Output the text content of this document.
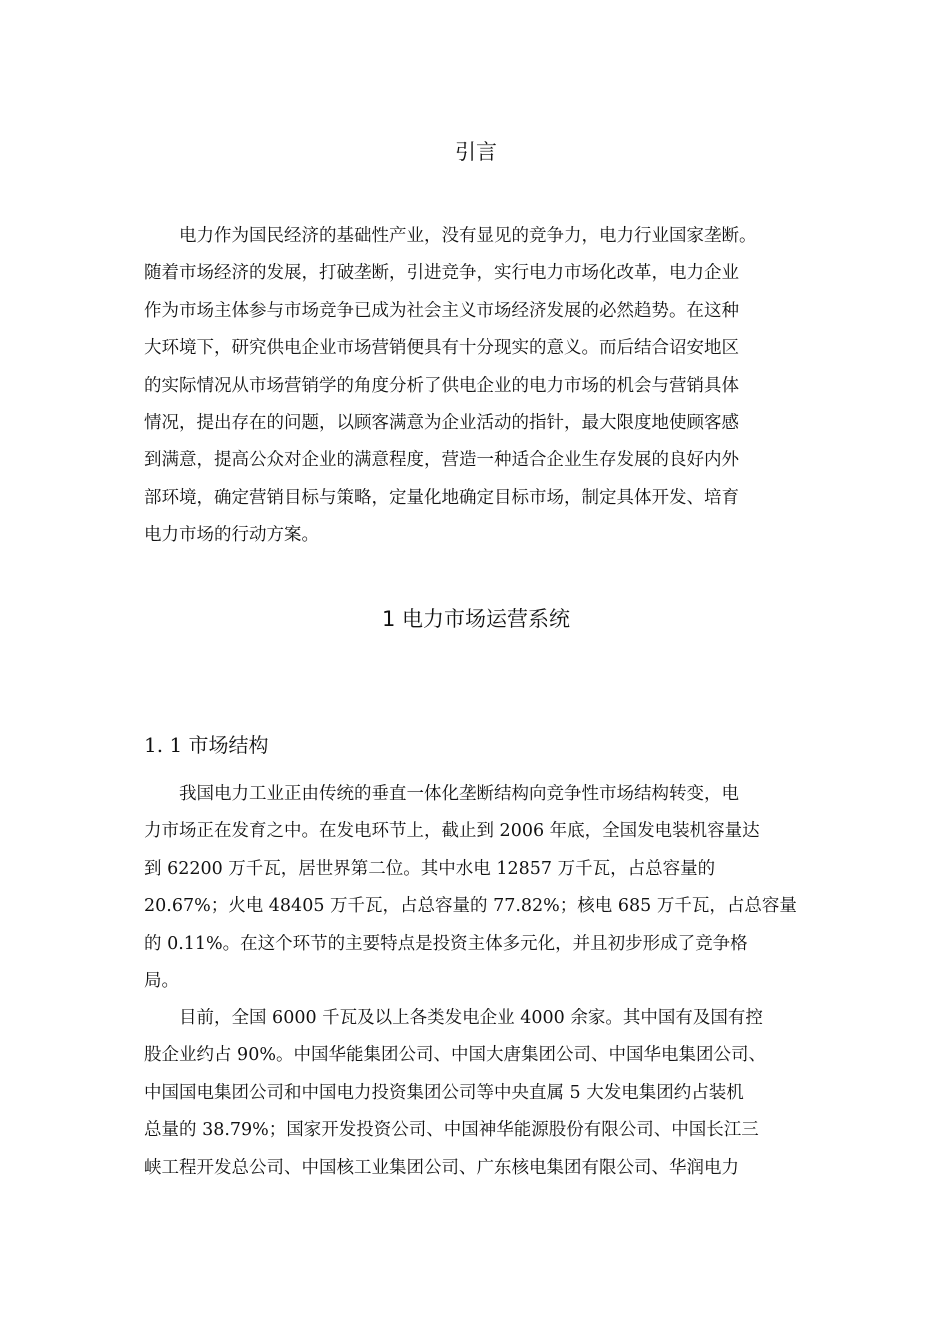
引言
电力作为国民经济的基础性产业，没有显见的竞争力，电力行业国家垄断。
随着市场经济的发展，打破垄断，引进竞争，实行电力市场化改革，电力企业
作为市场主体参与市场竞争已成为社会主义市场经济发展的必然趋势。在这种
大环境下，研究供电企业市场营销便具有十分现实的意义。而后结合诏安地区
的实际情况从市场营销学的角度分析了供电企业的电力市场的机会与营销具体
情况，提出存在的问题，以顾客满意为企业活动的指针，最大限度地使顾客感
到满意，提高公众对企业的满意程度，营造一种适合企业生存发展的良好内外
部环境，确定营销目标与策略，定量化地确定目标市场，制定具体开发、培育
电力市场的行动方案。
1 电力市场运营系统
1. 1 市场结构
我国电力工业正由传统的垂直一体化垄断结构向竞争性市场结构转变，电
力市场正在发育之中。在发电环节上，截止到 2006 年底，全国发电装机容量达
到 62200 万千瓦，居世界第二位。其中水电 12857 万千瓦，占总容量的
20.67%；火电 48405 万千瓦，占总容量的 77.82%；核电 685 万千瓦，占总容量
的 0.11%。在这个环节的主要特点是投资主体多元化，并且初步形成了竞争格
局。
目前，全国 6000 千瓦及以上各类发电企业 4000 余家。其中国有及国有控
股企业约占 90%。中国华能集团公司、中国大唐集团公司、中国华电集团公司、
中国国电集团公司和中国电力投资集团公司等中央直属 5 大发电集团约占装机
总量的 38.79%；国家开发投资公司、中国神华能源股份有限公司、中国长江三
峡工程开发总公司、中国核工业集团公司、广东核电集团有限公司、华润电力
